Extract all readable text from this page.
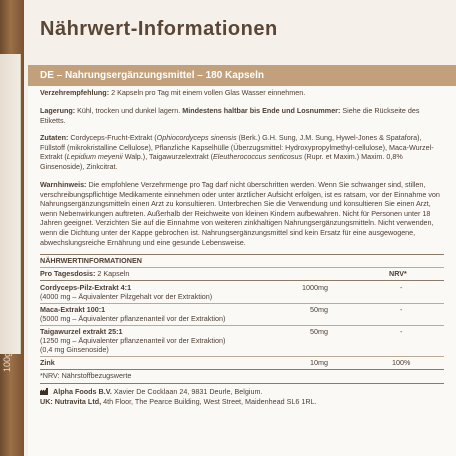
100g
Nährwert-Informationen
DE – Nahrungsergänzungsmittel – 180 Kapseln
Verzehrempfehlung: 2 Kapseln pro Tag mit einem vollen Glas Wasser einnehmen.
Lagerung: Kühl, trocken und dunkel lagern. Mindestens haltbar bis Ende und Losnummer: Siehe die Rückseite des Etiketts.
Zutaten: Cordyceps-Frucht-Extrakt (Ophiocordyceps sinensis (Berk.) G.H. Sung, J.M. Sung, Hywel-Jones & Spatafora), Füllstoff (mikrokristalline Cellulose), Pflanzliche Kapselhülle (Überzugsmittel: Hydroxypropylmethyl-cellulose), Maca-Wurzel-Extrakt (Lepidium meyenii Walp.), Taigawurzelextrakt (Eleutherococcus senticosus (Rupr. et Maxim.) Maxim. 0,8% Ginsenoside), Zinkcitrat.
Warnhinweis: Die empfohlene Verzehrmenge pro Tag darf nicht überschritten werden. Wenn Sie schwanger sind, stillen, verschreibungspflichtige Medikamente einnehmen oder unter ärztlicher Aufsicht erfolgen, ist es ratsam, vor der Einnahme von Nahrungsergänzungsmitteln einen Arzt zu konsultieren. Unterbrechen Sie die Verwendung und konsultieren Sie einen Arzt, wenn Nebenwirkungen auftreten. Außerhalb der Reichweite von kleinen Kindern aufbewahren. Nicht für Personen unter 18 Jahren geeignet. Verzichten Sie auf die Einnahme von weiteren zinkhaltigen Nahrungsergänzungsmitteln. Nicht verwenden, wenn die Dichtung unter der Kappe gebrochen ist. Nahrungsergänzungsmittel sind kein Ersatz für eine ausgewogene, abwechslungsreiche Ernährung und eine gesunde Lebensweise.
NÄHRWERTINFORMATIONEN
Pro Tagesdosis: 2 Kapseln	NRV*
Cordyceps-Pilz-Extrakt 4:1
(4000 mg – Äquivalenter Pilzgehalt vor der Extraktion)
1000mg	-
Maca-Extrakt 100:1
(5000 mg – Äquivalenter pflanzenanteil vor der Extraktion)
50mg	-
Taigawurzel extrakt 25:1
(1250 mg – Äquivalenter pflanzenanteil vor der Extraktion)
(0,4 mg Ginsenoside)
50mg	-
Zink	10mg	100%
*NRV: Nährstoffbezugswerte
Alpha Foods B.V. Xavier De Cocklaan 24, 9831 Deurle, Belgium.
UK: Nutravita Ltd, 4th Floor, The Pearce Building, West Street, Maidenhead SL6 1RL.
